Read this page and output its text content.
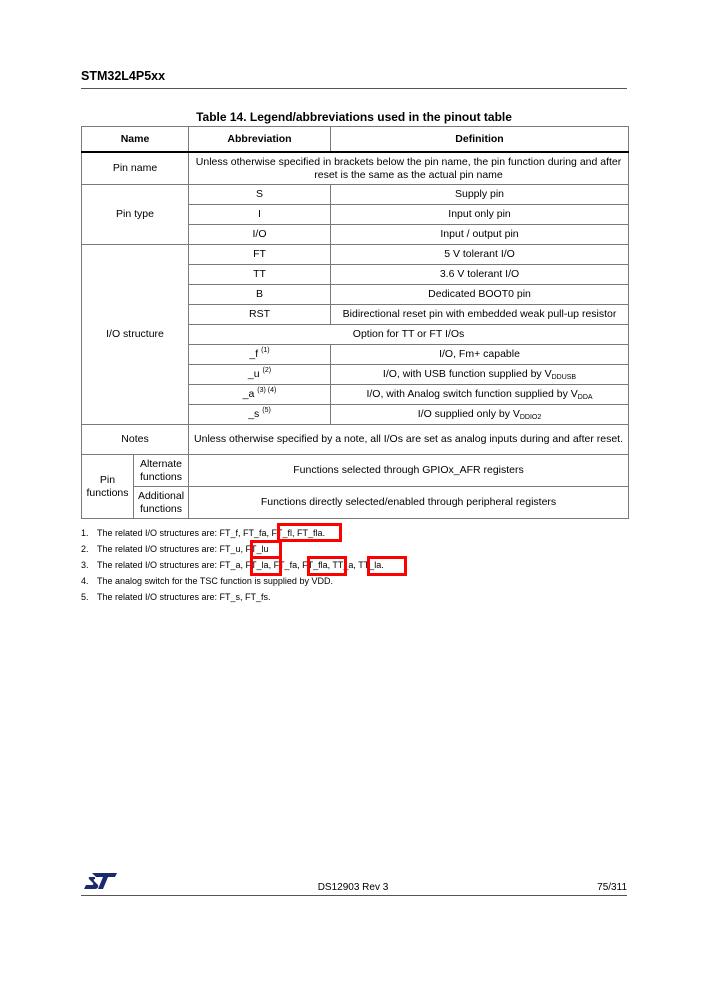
STM32L4P5xx
Table 14. Legend/abbreviations used in the pinout table
Name		Abbreviation	Definition
Pin name		Unless otherwise specified in brackets below the pin name, the pin function during and after reset is the same as the actual pin name	
Pin type		S	Supply pin
		I	Input only pin
		I/O	Input / output pin
I/O structure		FT	5 V tolerant I/O
		TT	3.6 V tolerant I/O
		B	Dedicated BOOT0 pin
		RST	Bidirectional reset pin with embedded weak pull-up resistor
		Option for TT or FT I/Os	
		_f $^{(1)}$	I/O, Fm+ capable
		_u $^{(2)}$	I/O, with USB function supplied by $V_{DDUSB}$
		_a $^{(3) (4)}$	I/O, with Analog switch function supplied by $V_{DDA}$
		_s $^{(5)}$	I/O supplied only by $V_{DDIO2}$
Notes		Unless otherwise specified by a note, all I/Os are set as analog inputs during and after reset.	
Pin functions	Alternate functions	Functions selected through GPIOx_AFR registers	
	Additional functions	Functions directly selected/enabled through peripheral registers	
1. The related I/O structures are: FT_f, FT_fa, FT_fl, FT_fla.
2. The related I/O structures are: FT_u, FT_lu
3. The related I/O structures are: FT_a, FT_la, FT_fa, FT_fla, TT_a, TT_la.
4. The analog switch for the TSC function is supplied by VDD.
5. The related I/O structures are: FT_s, FT_fs.
DS12903 Rev 3	75/311
